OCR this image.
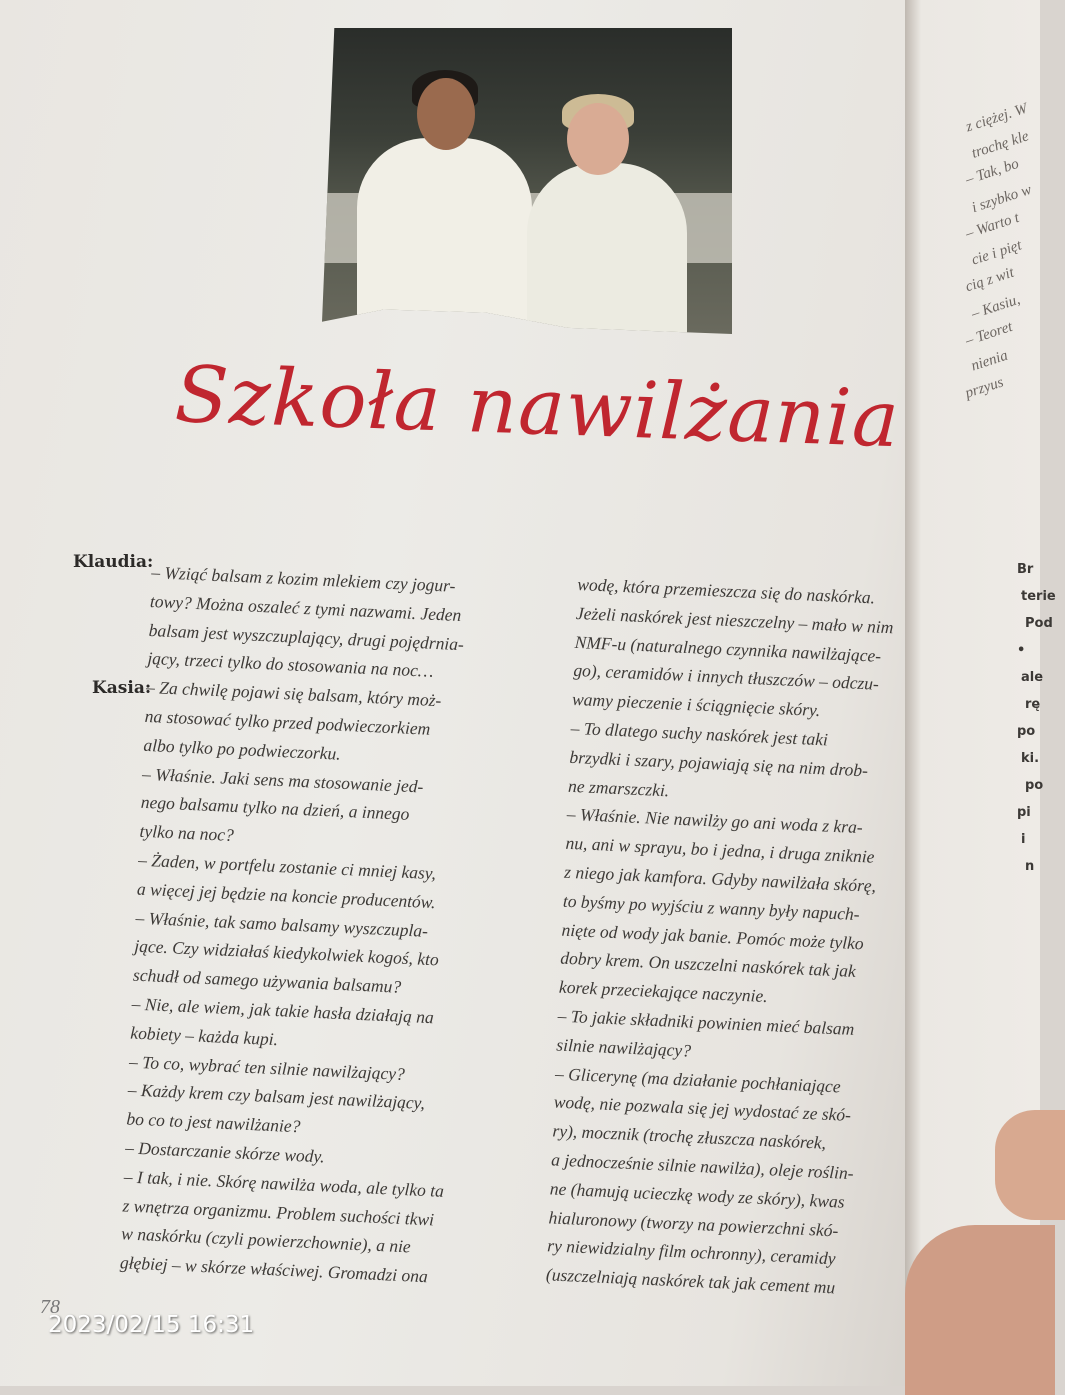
Szkoła nawilżania
Klaudia:
Kasia:
– Wziąć balsam z kozim mlekiem czy jogur-
towy? Można oszaleć z tymi nazwami. Jeden
balsam jest wyszczuplający, drugi pojędrnia-
jący, trzeci tylko do stosowania na noc…
– Za chwilę pojawi się balsam, który moż-
na stosować tylko przed podwieczorkiem
albo tylko po podwieczorku.
– Właśnie. Jaki sens ma stosowanie jed-
nego balsamu tylko na dzień, a innego
tylko na noc?
– Żaden, w portfelu zostanie ci mniej kasy,
a więcej jej będzie na koncie producentów.
– Właśnie, tak samo balsamy wyszczupla-
jące. Czy widziałaś kiedykolwiek kogoś, kto
schudł od samego używania balsamu?
– Nie, ale wiem, jak takie hasła działają na
kobiety – każda kupi.
– To co, wybrać ten silnie nawilżający?
– Każdy krem czy balsam jest nawilżający,
bo co to jest nawilżanie?
– Dostarczanie skórze wody.
– I tak, i nie. Skórę nawilża woda, ale tylko ta
z wnętrza organizmu. Problem suchości tkwi
w naskórku (czyli powierzchownie), a nie
głębiej – w skórze właściwej. Gromadzi ona
wodę, która przemieszcza się do naskórka.
Jeżeli naskórek jest nieszczelny – mało w nim
NMF-u (naturalnego czynnika nawilżające-
go), ceramidów i innych tłuszczów – odczu-
wamy pieczenie i ściągnięcie skóry.
– To dlatego suchy naskórek jest taki
brzydki i szary, pojawiają się na nim drob-
ne zmarszczki.
– Właśnie. Nie nawilży go ani woda z kra-
nu, ani w sprayu, bo i jedna, i druga zniknie
z niego jak kamfora. Gdyby nawilżała skórę,
to byśmy po wyjściu z wanny były napuch-
nięte od wody jak banie. Pomóc może tylko
dobry krem. On uszczelni naskórek tak jak
korek przeciekające naczynie.
– To jakie składniki powinien mieć balsam
silnie nawilżający?
– Glicerynę (ma działanie pochłaniające
wodę, nie pozwala się jej wydostać ze skó-
ry), mocznik (trochę złuszcza naskórek,
a jednocześnie silnie nawilża), oleje roślin-
ne (hamują ucieczkę wody ze skóry), kwas
hialuronowy (tworzy na powierzchni skó-
ry niewidzialny film ochronny), ceramidy
(uszczelniają naskórek tak jak cement mu
78
z ciężej. W
trochę kle
– Tak, bo
i szybko w
– Warto t
cie i pięt
cią z wit
– Kasiu,
– Teoret
nienia
przyus
Br
terie
Pod
•
ale
rę
po
ki.
po
pi
i
n
2023/02/15 16:31
